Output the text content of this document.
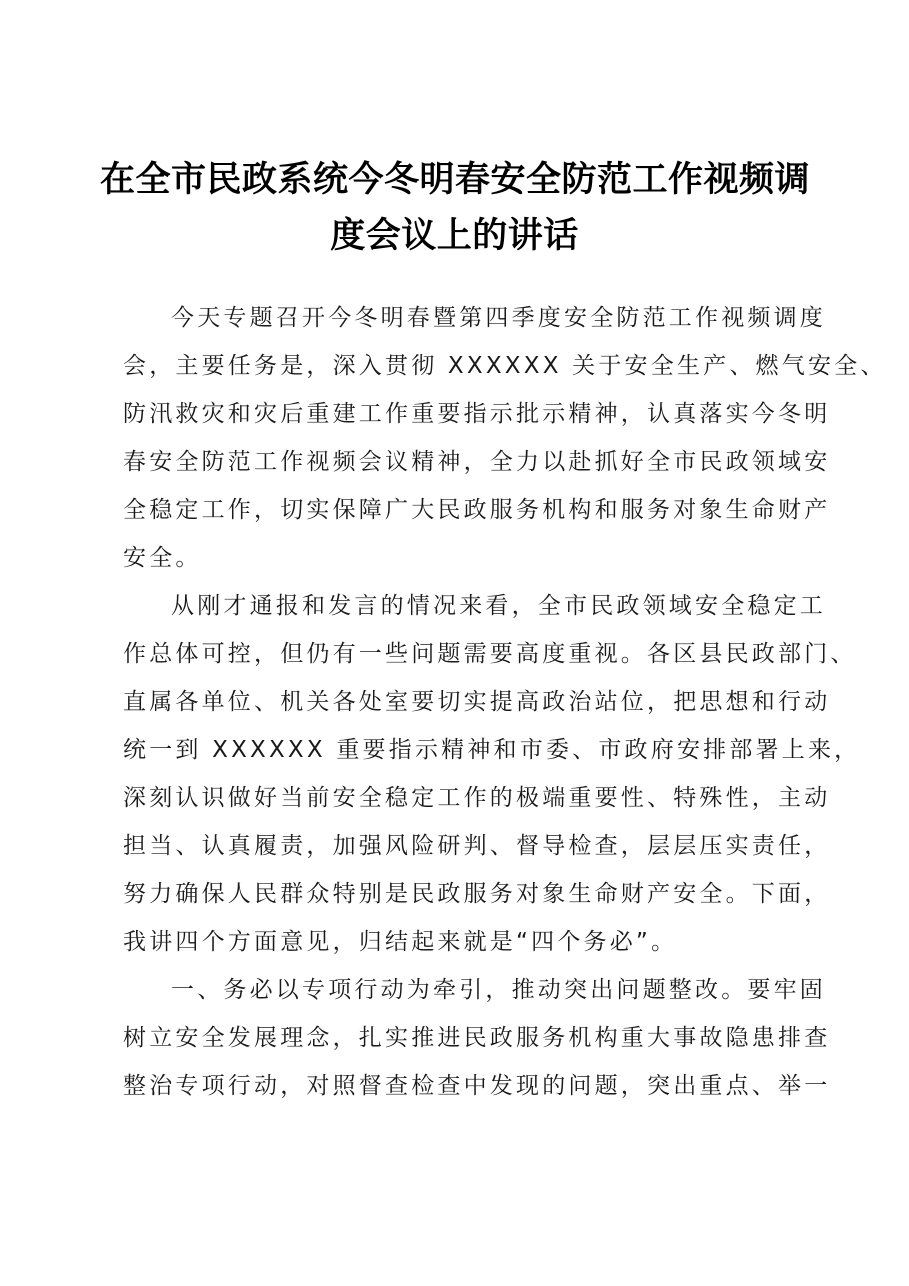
在全市民政系统今冬明春安全防范工作视频调
度会议上的讲话
今天专题召开今冬明春暨第四季度安全防范工作视频调度
会，主要任务是，深入贯彻 XXXXXX 关于安全生产、燃气安全、
防汛救灾和灾后重建工作重要指示批示精神，认真落实今冬明
春安全防范工作视频会议精神，全力以赴抓好全市民政领域安
全稳定工作，切实保障广大民政服务机构和服务对象生命财产
安全。
从刚才通报和发言的情况来看，全市民政领域安全稳定工
作总体可控，但仍有一些问题需要高度重视。各区县民政部门、
直属各单位、机关各处室要切实提高政治站位，把思想和行动
统一到 XXXXXX 重要指示精神和市委、市政府安排部署上来，
深刻认识做好当前安全稳定工作的极端重要性、特殊性，主动
担当、认真履责，加强风险研判、督导检查，层层压实责任，
努力确保人民群众特别是民政服务对象生命财产安全。下面，
我讲四个方面意见，归结起来就是“四个务必”。
一、务必以专项行动为牵引，推动突出问题整改。要牢固
树立安全发展理念，扎实推进民政服务机构重大事故隐患排查
整治专项行动，对照督查检查中发现的问题，突出重点、举一
